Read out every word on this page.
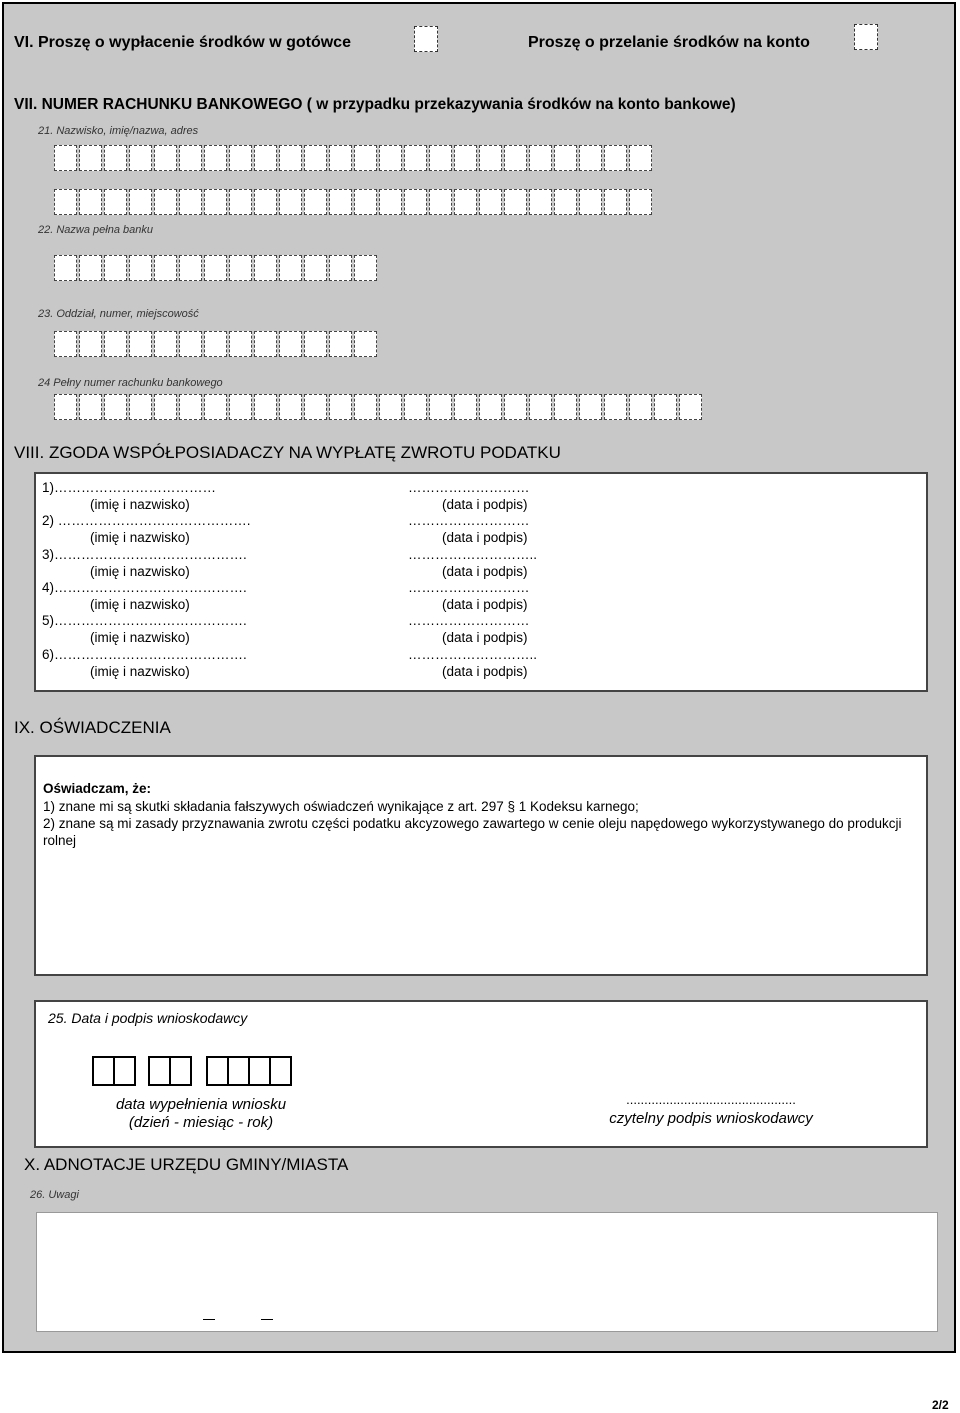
VI. Proszę o wypłacenie środków w gotówce	Proszę o przelanie środków na konto
VII. NUMER RACHUNKU BANKOWEGO ( w przypadku przekazywania środków na konto bankowe)
21. Nazwisko, imię/nazwa, adres
22. Nazwa pełna banku
23. Oddział, numer, miejscowość
24 Pełny numer rachunku bankowego
VIII. ZGODA WSPÓŁPOSIADACZY NA WYPŁATĘ ZWROTU PODATKU
1)………………………………	………………………
(imię i nazwisko)	(data i podpis)
2) …………………………………….	………………………
(imię i nazwisko)	(data i podpis)
3)…………………………………….	………………………..
(imię i nazwisko)	(data i podpis)
4)…………………………………….	………………………
(imię i nazwisko)	(data i podpis)
5)…………………………………….	………………………
(imię i nazwisko)	(data i podpis)
6)…………………………………….	………………………..
(imię i nazwisko)	(data i podpis)
IX. OŚWIADCZENIA
Oświadczam, że:
1) znane mi są skutki składania fałszywych oświadczeń wynikające z art. 297 § 1 Kodeksu karnego;
2) znane są mi zasady przyznawania zwrotu części podatku akcyzowego zawartego w cenie oleju napędowego wykorzystywanego do produkcji
rolnej
25. Data i podpis wnioskodawcy
data wypełnienia wniosku
(dzień - miesiąc - rok)
...............................................
czytelny podpis wnioskodawcy
X. ADNOTACJE URZĘDU GMINY/MIASTA
26. Uwagi
2/2
